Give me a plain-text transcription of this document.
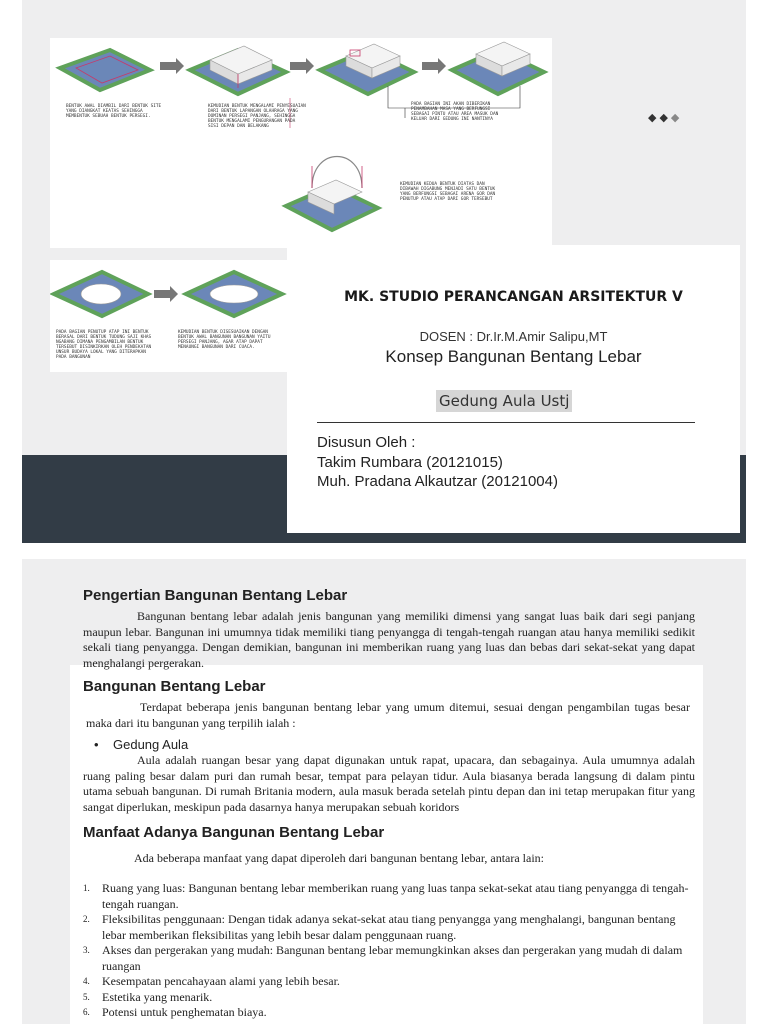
BENTUK AWAL DIAMBIL DARI BENTUK SITE YANG DIANGKAT KEATAS SEHINGGA MEMBENTUK SEBUAH BENTUK PERSEGI.
KEMUDIAN BENTUK MENGALAMI PENYESUAIAN DARI BENTUK LAPANGAN OLAHRAGA YANG DOMINAN PERSEGI PANJANG, SEHINGGA BENTUK MENGALAMI PENGURANGAN PADA SISI DEPAN DAN BELAKANG
PADA BAGIAN INI AKAN DIBERIKAN PENAMBAHAN MASA YANG BERFUNGSI SEBAGAI PINTU ATAU AREA MASUK DAN KELUAR DARI GEDUNG INI NANTINYA
KEMUDIAN KEDUA BENTUK DIATAS DAN DIBAWAH DIGABUNG MENJADI SATU BENTUK YANG BERFUNGSI SEBAGAI ARENA GOR DAN PENUTUP ATAU ATAP DARI GOR TERSEBUT
PADA BAGIAN PENUTUP ATAP INI BENTUK BERASAL DARI BENTUK TUDUNG SAJI KHAS NGABANG DIMANA PENGAMBILAN BENTUK TERSEBUT DISINKIRKAN OLEH PENDEKATAN UNSUR BUDAYA LOKAL YANG DITERAPKAN PADA BANGUNAN
KEMUDIAN BENTUK DISESUAIKAN DENGAN BENTUK AWAL BANGUNAN BANGUNAN YAITU PERSEGI PANJANG, AGAR ATAP DAPAT MENAUNGI BANGUNAN DARI CUACA.
◆◆◆
MK. STUDIO PERANCANGAN ARSITEKTUR V
DOSEN : Dr.Ir.M.Amir Salipu,MT
Konsep Bangunan Bentang Lebar
Gedung Aula Ustj
Disusun Oleh :
Takim Rumbara (20121015)
Muh. Pradana Alkautzar (20121004)
Pengertian Bangunan Bentang Lebar
Bangunan bentang lebar adalah jenis bangunan yang memiliki dimensi yang sangat luas baik dari segi panjang maupun lebar. Bangunan ini umumnya tidak memiliki tiang penyangga di tengah-tengah ruangan atau hanya memiliki sedikit sekali tiang penyangga. Dengan demikian, bangunan ini memberikan ruang yang luas dan bebas dari sekat-sekat yang dapat menghalangi pergerakan.
Bangunan Bentang Lebar
Terdapat beberapa jenis bangunan bentang lebar yang umum ditemui, sesuai dengan pengambilan tugas besar maka dari itu bangunan yang terpilih ialah :
•    Gedung Aula
Aula adalah ruangan besar yang dapat digunakan untuk rapat, upacara, dan sebagainya. Aula umumnya adalah ruang paling besar dalam puri dan rumah besar, tempat para pelayan tidur. Aula biasanya berada langsung di dalam pintu utama sebuah bangunan. Di rumah Britania modern, aula masuk berada setelah pintu depan dan ini tetap merupakan fitur yang sangat diperlukan, meskipun pada dasarnya hanya merupakan sebuah koridors
Manfaat Adanya Bangunan Bentang Lebar
Ada beberapa manfaat yang dapat diperoleh dari bangunan bentang lebar, antara lain:
1. Ruang yang luas: Bangunan bentang lebar memberikan ruang yang luas tanpa sekat-sekat atau tiang penyangga di tengah-tengah ruangan.
2. Fleksibilitas penggunaan: Dengan tidak adanya sekat-sekat atau tiang penyangga yang menghalangi, bangunan bentang lebar memberikan fleksibilitas yang lebih besar dalam penggunaan ruang.
3. Akses dan pergerakan yang mudah: Bangunan bentang lebar memungkinkan akses dan pergerakan yang mudah di dalam ruangan
4. Kesempatan pencahayaan alami yang lebih besar.
5. Estetika yang menarik.
6. Potensi untuk penghematan biaya.
